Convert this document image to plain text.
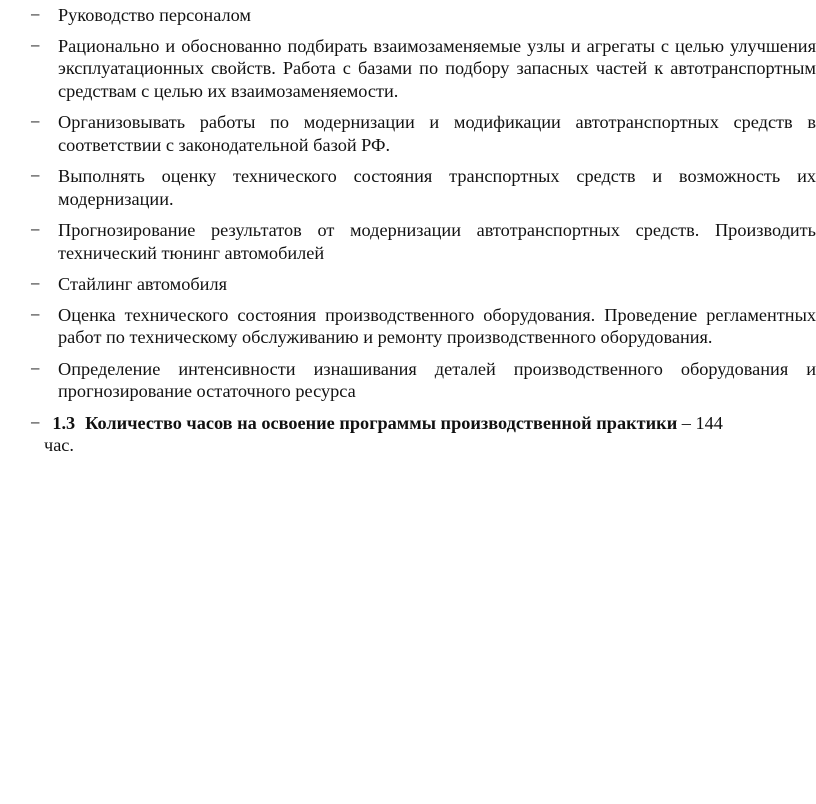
− Руководство персоналом
− Рационально и обоснованно подбирать взаимозаменяемые узлы и агрегаты с целью улучшения эксплуатационных свойств. Работа с базами по подбору запасных частей к автотранспортным средствам с целью их взаимозаменяемости.
− Организовывать работы по модернизации и модификации автотранспортных средств в соответствии с законодательной базой РФ.
− Выполнять оценку технического состояния транспортных средств и возможность их модернизации.
− Прогнозирование результатов от модернизации автотранспортных средств. Производить технический тюнинг автомобилей
− Стайлинг автомобиля
− Оценка технического состояния производственного оборудования. Проведение регламентных работ по техническому обслуживанию и ремонту производственного оборудования.
− Определение интенсивности изнашивания деталей производственного оборудования и прогнозирование остаточного ресурса
− 1.3 Количество часов на освоение программы производственной практики – 144
час.
